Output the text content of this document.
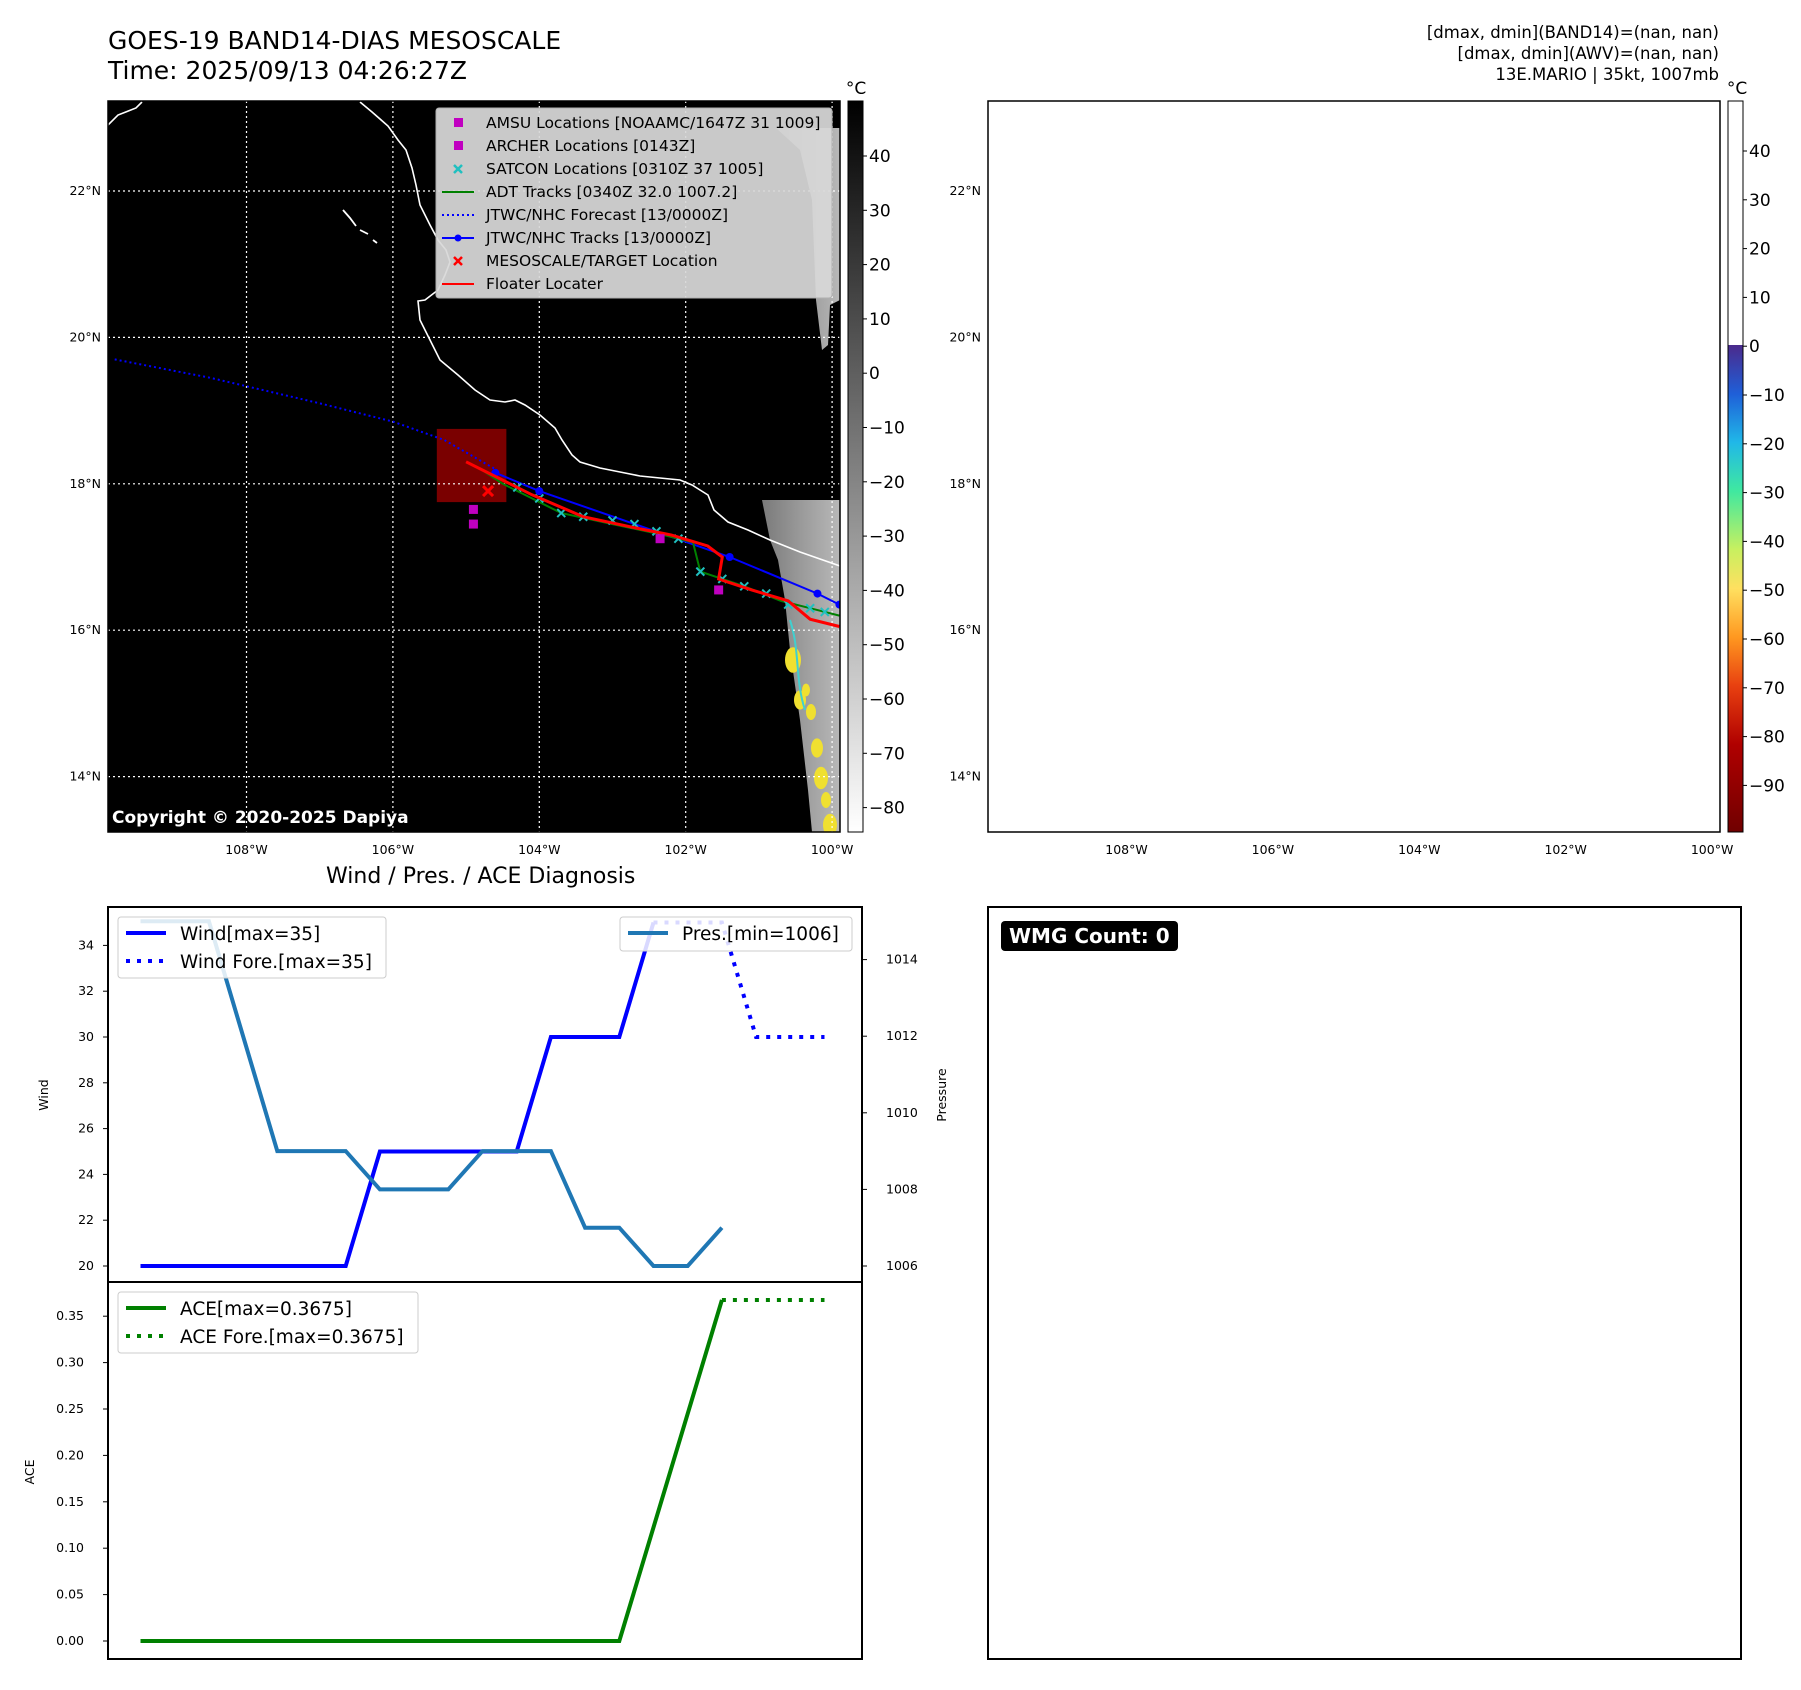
GOES-19 BAND14-DIAS MESOSCALE
Time: 2025/09/13 04:26:27Z
[dmax, dmin](BAND14)=(nan, nan)
[dmax, dmin](AWV)=(nan, nan)
13E.MARIO | 35kt, 1007mb
AMSU Locations [NOAAMC/1647Z 31 1009]
ARCHER Locations [0143Z]
SATCON Locations [0310Z 37 1005]
ADT Tracks [0340Z 32.0 1007.2]
JTWC/NHC Forecast [13/0000Z]
JTWC/NHC Tracks [13/0000Z]
MESOSCALE/TARGET Location
Floater Locater
108°W	106°W	104°W	102°W	100°W
22°N
20°N
18°N
16°N
14°N
40
30
20
10
0
−10
−20
−30
−40
−50
−60
−70
−80
°C
108°W	106°W	104°W	102°W	100°W
22°N
20°N
18°N
16°N
14°N
40
30
20
10
0
−10
−20
−30
−40
−50
−60
−70
−80
−90
°C
20
22
24
26
28
30
32
34
1006
1008
1010
1012
1014
Wind	Pressure
Wind[max=35]
Wind Fore.[max=35]
Pres.[min=1006]
0.00
0.05
0.10
0.15
0.20
0.25
0.30
0.35
ACE
ACE[max=0.3675]
ACE Fore.[max=0.3675]
Copyright © 2020-2025 Dapiya
WMG Count: 0
Wind / Pres. / ACE Diagnosis
